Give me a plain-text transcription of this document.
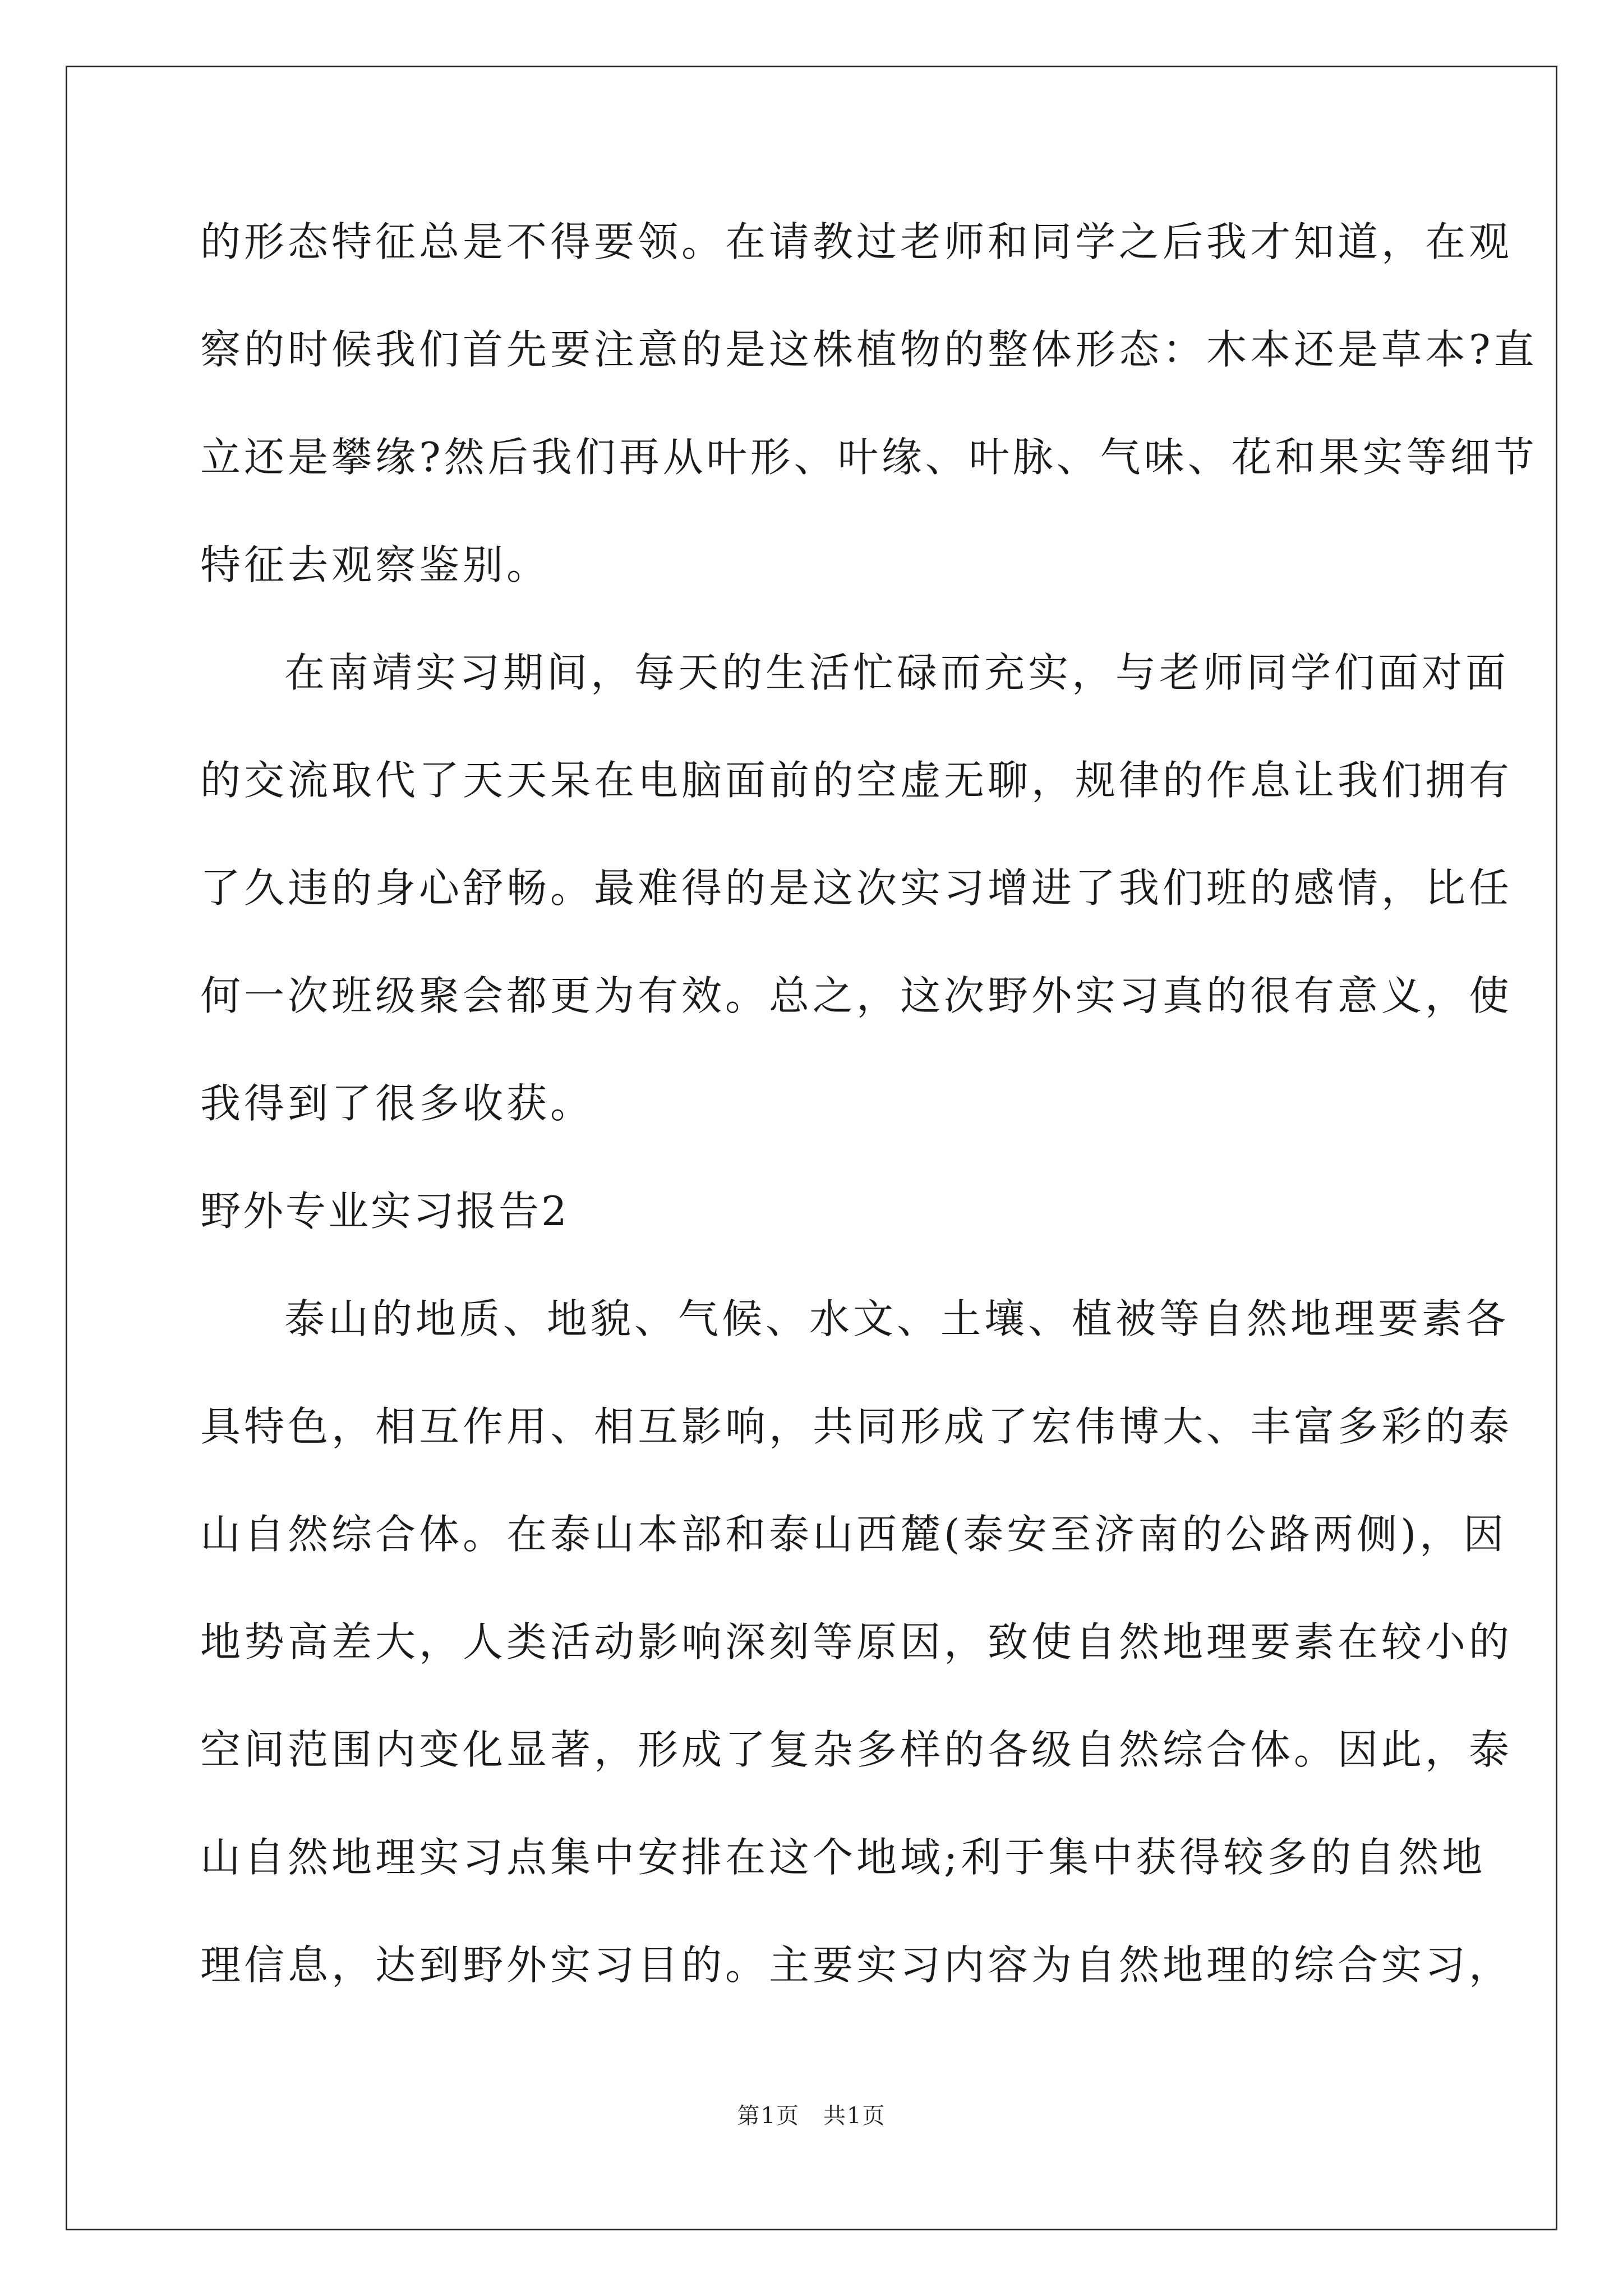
的形态特征总是不得要领。在请教过老师和同学之后我才知道，在观

察的时候我们首先要注意的是这株植物的整体形态：木本还是草本?直

立还是攀缘?然后我们再从叶形、叶缘、叶脉、气味、花和果实等细节

特征去观察鉴别。

在南靖实习期间，每天的生活忙碌而充实，与老师同学们面对面

的交流取代了天天呆在电脑面前的空虚无聊，规律的作息让我们拥有

了久违的身心舒畅。最难得的是这次实习增进了我们班的感情，比任

何一次班级聚会都更为有效。总之，这次野外实习真的很有意义，使

我得到了很多收获。

野外专业实习报告2

泰山的地质、地貌、气候、水文、土壤、植被等自然地理要素各

具特色，相互作用、相互影响，共同形成了宏伟博大、丰富多彩的泰

山自然综合体。在泰山本部和泰山西麓(泰安至济南的公路两侧)，因

地势高差大，人类活动影响深刻等原因，致使自然地理要素在较小的

空间范围内变化显著，形成了复杂多样的各级自然综合体。因此，泰

山自然地理实习点集中安排在这个地域;利于集中获得较多的自然地

理信息，达到野外实习目的。主要实习内容为自然地理的综合实习，

第1页　共1页
